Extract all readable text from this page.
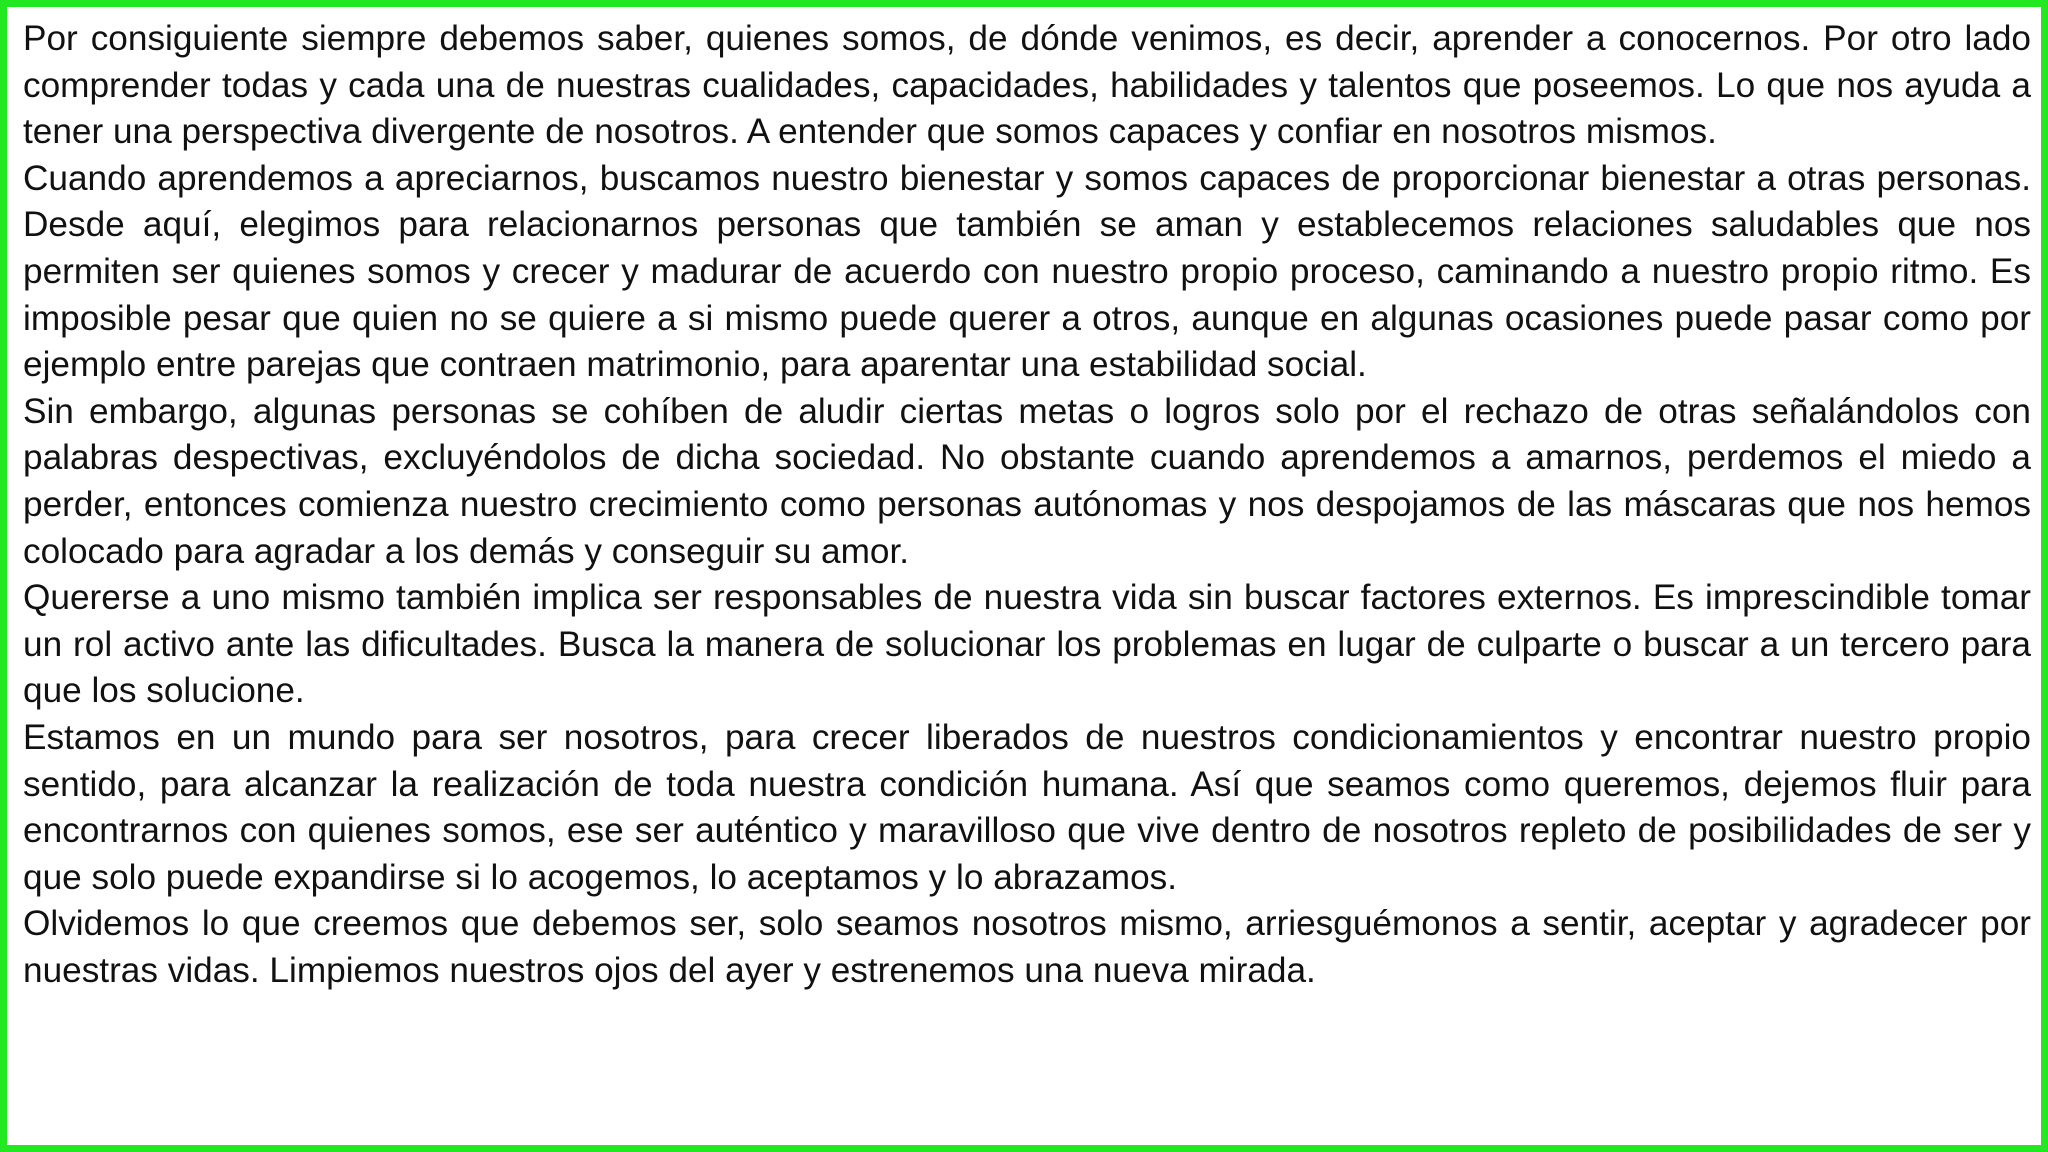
Por consiguiente siempre debemos saber, quienes somos, de dónde venimos, es decir, aprender a conocernos. Por otro lado comprender todas y cada una de nuestras cualidades, capacidades, habilidades y talentos que poseemos. Lo que nos ayuda a tener una perspectiva divergente de nosotros. A entender que somos capaces y confiar en nosotros mismos.

Cuando aprendemos a apreciarnos, buscamos nuestro bienestar y somos capaces de proporcionar bienestar a otras personas. Desde aquí, elegimos para relacionarnos personas que también se aman y establecemos relaciones saludables que nos permiten ser quienes somos y crecer y madurar de acuerdo con nuestro propio proceso, caminando a nuestro propio ritmo. Es imposible pesar que quien no se quiere a si mismo puede querer a otros, aunque en algunas ocasiones puede pasar como por ejemplo entre parejas que contraen matrimonio, para aparentar una estabilidad social.

Sin embargo, algunas personas se cohíben de aludir ciertas metas o logros solo por el rechazo de otras señalándolos con palabras despectivas, excluyéndolos de dicha sociedad. No obstante cuando aprendemos a amarnos, perdemos el miedo a perder, entonces comienza nuestro crecimiento como personas autónomas y nos despojamos de las máscaras que nos hemos colocado para agradar a los demás y conseguir su amor.

Quererse a uno mismo también implica ser responsables de nuestra vida sin buscar factores externos. Es imprescindible tomar un rol activo ante las dificultades. Busca la manera de solucionar los problemas en lugar de culparte o buscar a un tercero para que los solucione.

Estamos en un mundo para ser nosotros, para crecer liberados de nuestros condicionamientos y encontrar nuestro propio sentido, para alcanzar la realización de toda nuestra condición humana. Así que seamos como queremos, dejemos fluir para encontrarnos con quienes somos, ese ser auténtico y maravilloso que vive dentro de nosotros repleto de posibilidades de ser y que solo puede expandirse si lo acogemos, lo aceptamos y lo abrazamos.

Olvidemos lo que creemos que debemos ser, solo seamos nosotros mismo, arriesguémonos a sentir, aceptar y agradecer por nuestras vidas. Limpiemos nuestros ojos del ayer y estrenemos una nueva mirada.
